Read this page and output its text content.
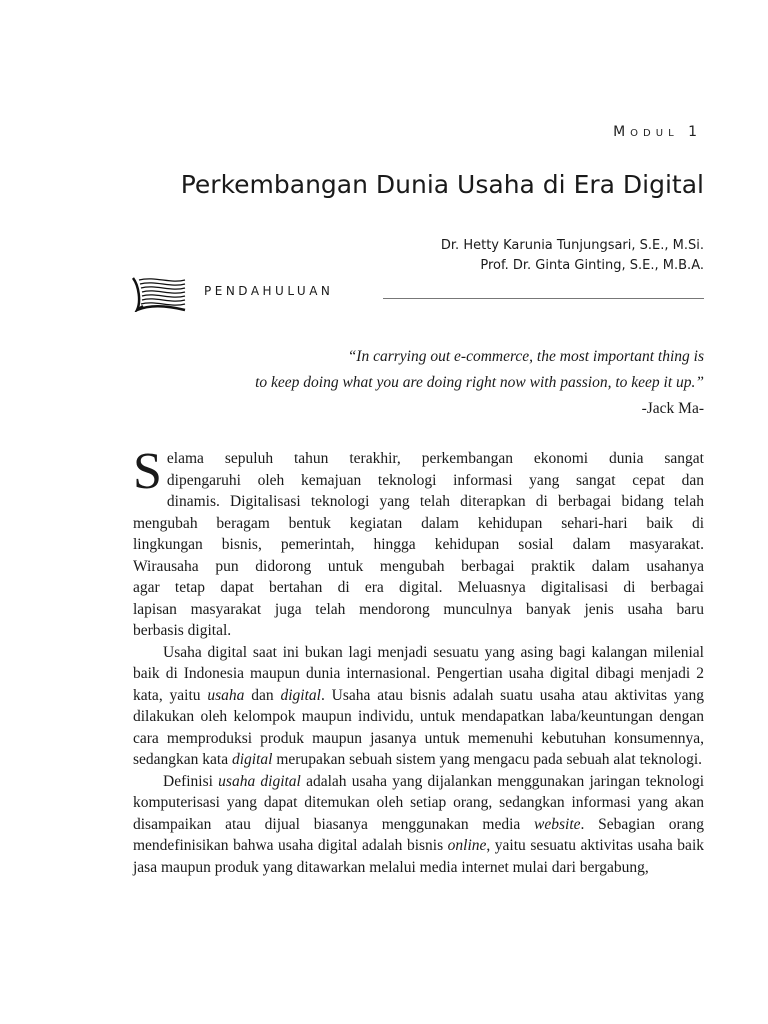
Modul 1
Perkembangan Dunia Usaha di Era Digital
Dr. Hetty Karunia Tunjungsari, S.E., M.Si.
Prof. Dr. Ginta Ginting, S.E., M.B.A.
PENDAHULUAN
“In carrying out e-commerce, the most important thing is
to keep doing what you are doing right now with passion, to keep it up.”
-Jack Ma-

S elama sepuluh tahun terakhir, perkembangan ekonomi dunia sangat
dipengaruhi oleh kemajuan teknologi informasi yang sangat cepat dan
dinamis. Digitalisasi teknologi yang telah diterapkan di berbagai bidang telah
mengubah beragam bentuk kegiatan dalam kehidupan sehari-hari baik di
lingkungan bisnis, pemerintah, hingga kehidupan sosial dalam masyarakat.
Wirausaha pun didorong untuk mengubah berbagai praktik dalam usahanya
agar tetap dapat bertahan di era digital. Meluasnya digitalisasi di berbagai
lapisan masyarakat juga telah mendorong munculnya banyak jenis usaha baru
berbasis digital.

Usaha digital saat ini bukan lagi menjadi sesuatu yang asing bagi kalangan milenial baik di Indonesia maupun dunia internasional. Pengertian usaha digital dibagi menjadi 2 kata, yaitu usaha dan digital. Usaha atau bisnis adalah suatu usaha atau aktivitas yang dilakukan oleh kelompok maupun individu, untuk mendapatkan laba/keuntungan dengan cara memproduksi produk maupun jasanya untuk memenuhi kebutuhan konsumennya, sedangkan kata digital merupakan sebuah sistem yang mengacu pada sebuah alat teknologi.

Definisi usaha digital adalah usaha yang dijalankan menggunakan jaringan teknologi komputerisasi yang dapat ditemukan oleh setiap orang, sedangkan informasi yang akan disampaikan atau dijual biasanya menggunakan media website. Sebagian orang mendefinisikan bahwa usaha digital adalah bisnis online, yaitu sesuatu aktivitas usaha baik jasa maupun produk yang ditawarkan melalui media internet mulai dari bergabung,
